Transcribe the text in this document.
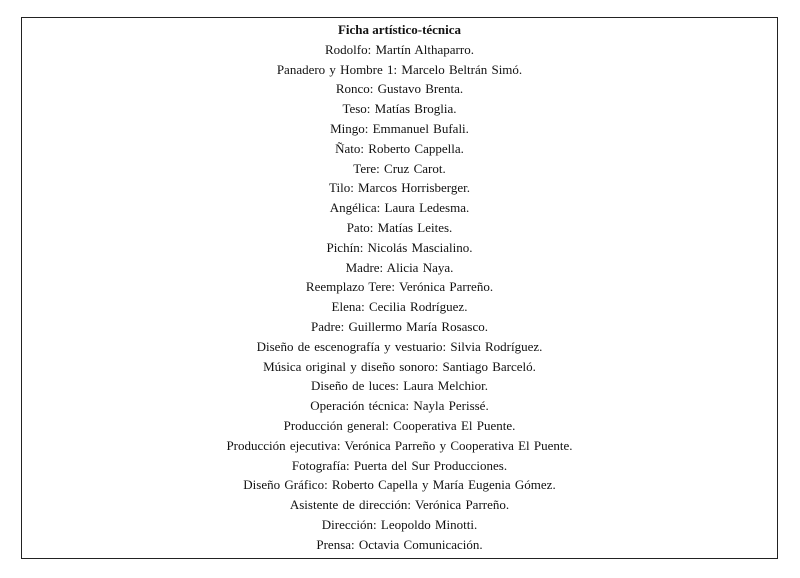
Ficha artístico-técnica
Rodolfo: Martín Althaparro.
Panadero y Hombre 1: Marcelo Beltrán Simó.
Ronco: Gustavo Brenta.
Teso: Matías Broglia.
Mingo: Emmanuel Bufali.
Ñato: Roberto Cappella.
Tere: Cruz Carot.
Tilo: Marcos Horrisberger.
Angélica: Laura Ledesma.
Pato: Matías Leites.
Pichín: Nicolás Mascialino.
Madre: Alicia Naya.
Reemplazo Tere: Verónica Parreño.
Elena: Cecilia Rodríguez.
Padre: Guillermo María Rosasco.
Diseño de escenografía y vestuario: Silvia Rodríguez.
Música original y diseño sonoro: Santiago Barceló.
Diseño de luces: Laura Melchior.
Operación técnica: Nayla Perissé.
Producción general: Cooperativa El Puente.
Producción ejecutiva: Verónica Parreño y Cooperativa El Puente.
Fotografía: Puerta del Sur Producciones.
Diseño Gráfico: Roberto Capella y María Eugenia Gómez.
Asistente de dirección: Verónica Parreño.
Dirección: Leopoldo Minotti.
Prensa: Octavia Comunicación.
